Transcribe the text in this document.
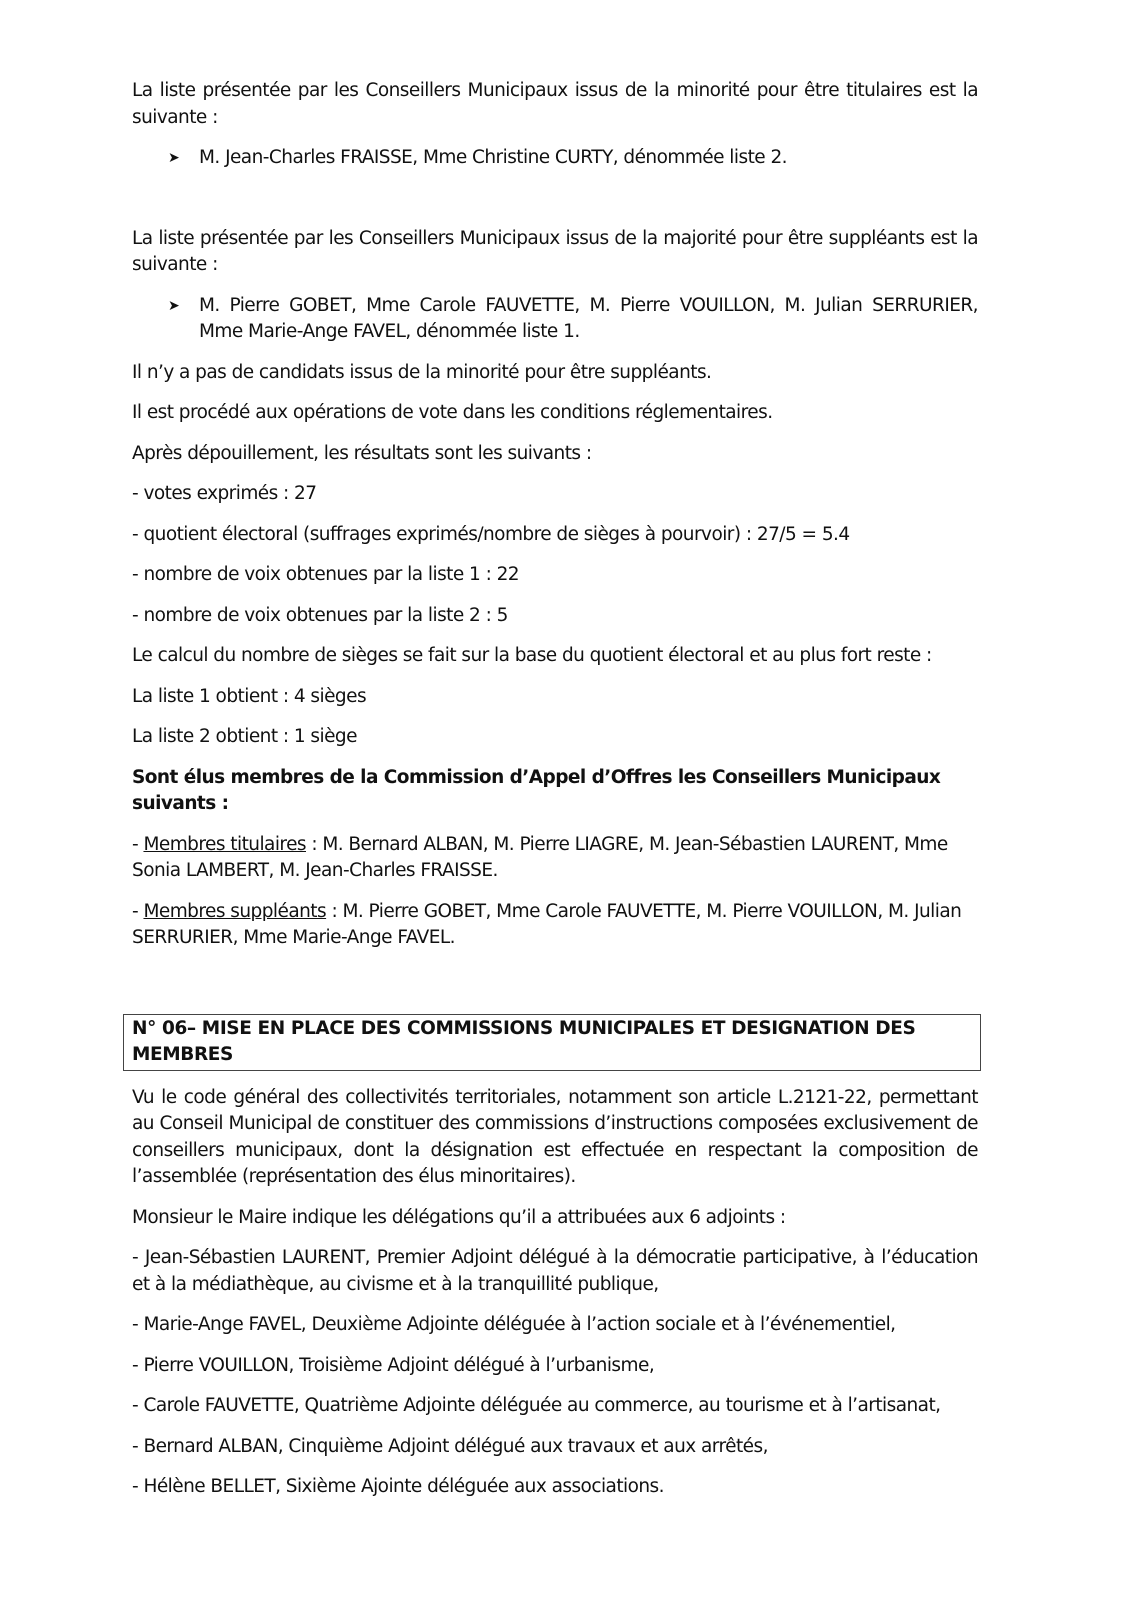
La liste présentée par les Conseillers Municipaux issus de la minorité pour être titulaires est la suivante :

➤	M. Jean-Charles FRAISSE, Mme Christine CURTY, dénommée liste 2.

La liste présentée par les Conseillers Municipaux issus de la majorité pour être suppléants est la suivante :

➤	M. Pierre GOBET, Mme Carole FAUVETTE, M. Pierre VOUILLON, M. Julian SERRURIER, Mme Marie-Ange FAVEL, dénommée liste 1.

Il n’y a pas de candidats issus de la minorité pour être suppléants.

Il est procédé aux opérations de vote dans les conditions réglementaires.

Après dépouillement, les résultats sont les suivants :

- votes exprimés : 27

- quotient électoral (suffrages exprimés/nombre de sièges à pourvoir) : 27/5 = 5.4

- nombre de voix obtenues par la liste 1 : 22

- nombre de voix obtenues par la liste 2 : 5

Le calcul du nombre de sièges se fait sur la base du quotient électoral et au plus fort reste :

La liste 1 obtient : 4 sièges

La liste 2 obtient : 1 siège

Sont élus membres de la Commission d’Appel d’Offres les Conseillers Municipaux suivants :

- Membres titulaires : M. Bernard ALBAN, M. Pierre LIAGRE, M. Jean-Sébastien LAURENT, Mme Sonia LAMBERT, M. Jean-Charles FRAISSE.

- Membres suppléants : M. Pierre GOBET, Mme Carole FAUVETTE, M. Pierre VOUILLON, M. Julian SERRURIER, Mme Marie-Ange FAVEL.

N° 06– MISE EN PLACE DES COMMISSIONS MUNICIPALES ET DESIGNATION DES MEMBRES

Vu le code général des collectivités territoriales, notamment son article L.2121-22, permettant au Conseil Municipal de constituer des commissions d’instructions composées exclusivement de conseillers municipaux, dont la désignation est effectuée en respectant la composition de l’assemblée (représentation des élus minoritaires).

Monsieur le Maire indique les délégations qu’il a attribuées aux 6 adjoints :

- Jean-Sébastien LAURENT, Premier Adjoint délégué à la démocratie participative, à l’éducation et à la médiathèque, au civisme et à la tranquillité publique,

- Marie-Ange FAVEL, Deuxième Adjointe déléguée à l’action sociale et à l’événementiel,

- Pierre VOUILLON, Troisième Adjoint délégué à l’urbanisme,

- Carole FAUVETTE, Quatrième Adjointe déléguée au commerce, au tourisme et à l’artisanat,

- Bernard ALBAN, Cinquième Adjoint délégué aux travaux et aux arrêtés,

- Hélène BELLET, Sixième Ajointe déléguée aux associations.
